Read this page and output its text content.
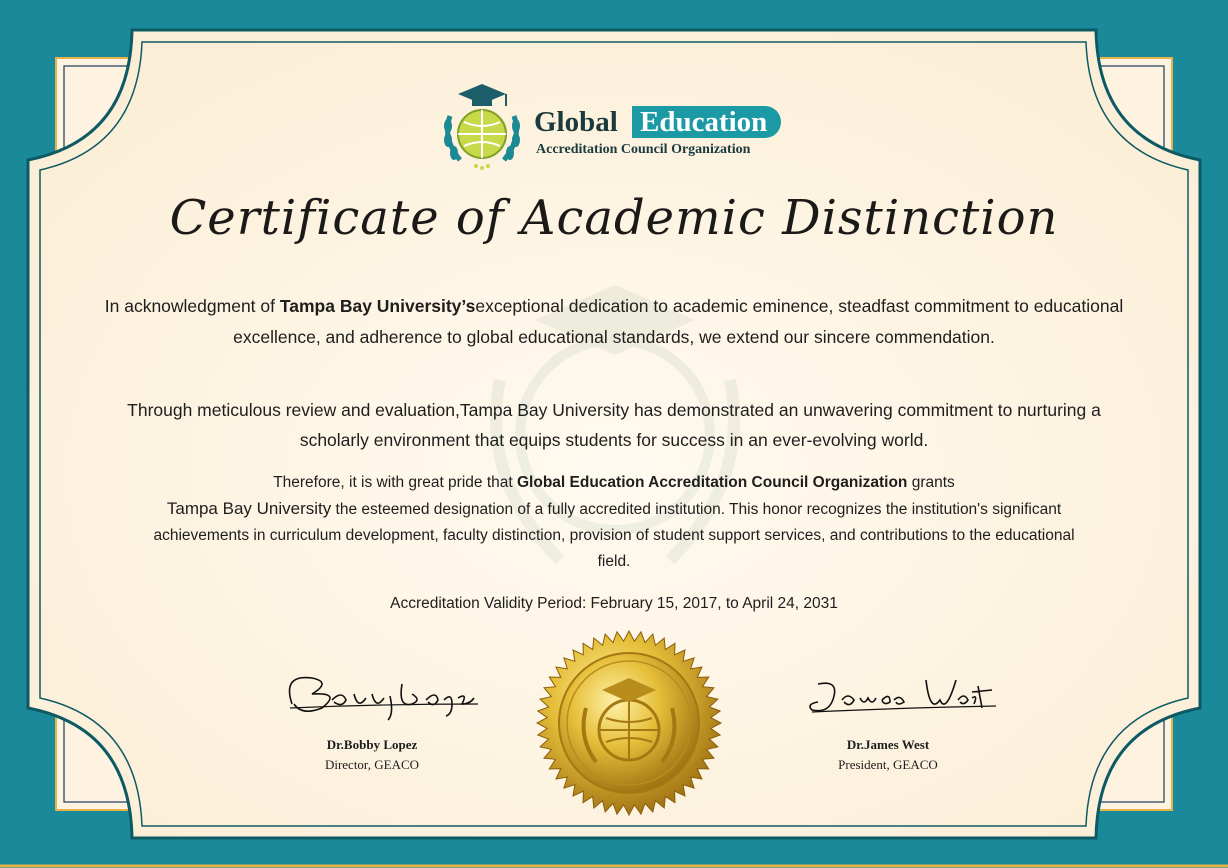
Global Education
Accreditation Council Organization
Certificate of Academic Distinction
In acknowledgment of Tampa Bay University’sexceptional dedication to academic eminence, steadfast commitment to educational excellence, and adherence to global educational standards, we extend our sincere commendation.
Through meticulous review and evaluation,Tampa Bay University has demonstrated an unwavering commitment to nurturing a scholarly environment that equips students for success in an ever-evolving world.
Therefore, it is with great pride that Global Education Accreditation Council Organization grants
Tampa Bay University the esteemed designation of a fully accredited institution. This honor recognizes the institution's significant achievements in curriculum development, faculty distinction, provision of student support services, and contributions to the educational field.
Accreditation Validity Period: February 15, 2017, to April 24, 2031
Dr.Bobby Lopez
Director, GEACO
Dr.James West
President, GEACO
